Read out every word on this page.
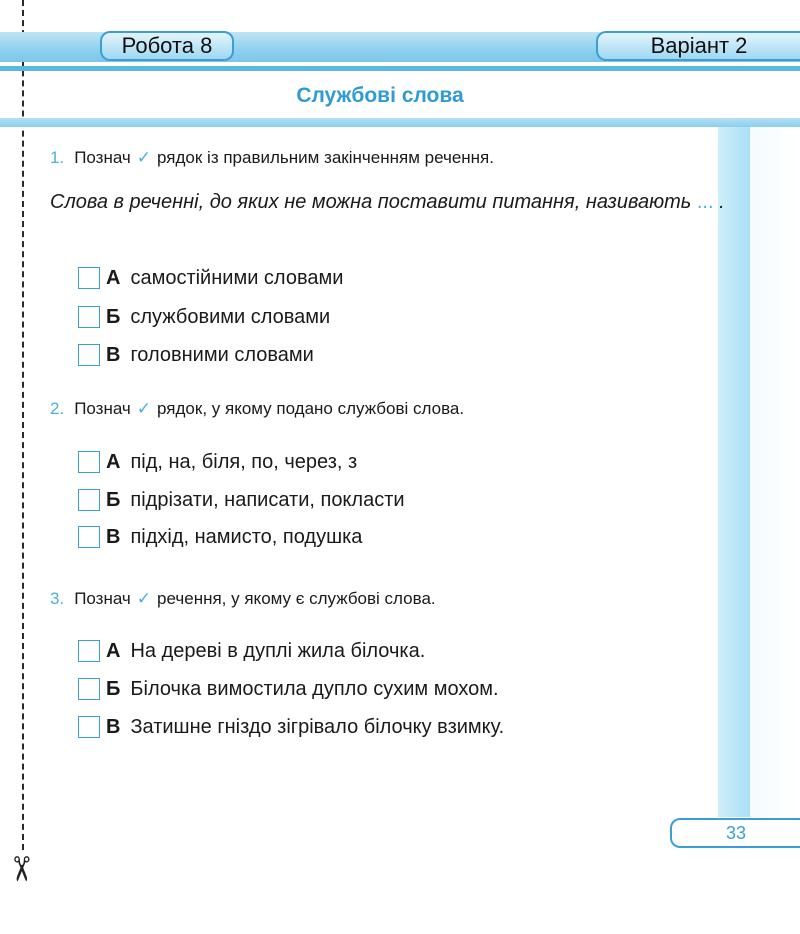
✂
Робота 8	Варіант 2
Службові слова
1. Познач ✓ рядок із правильним закінченням речення.
Слова в реченні, до яких не можна поставити питання, називають ... .
А самостійними словами
Б службовими словами
В головними словами
2. Познач ✓ рядок, у якому подано службові слова.
А під, на, біля, по, через, з
Б підрізати, написати, покласти
В підхід, намисто, подушка
3. Познач ✓ речення, у якому є службові слова.
А На дереві в дуплі жила білочка.
Б Білочка вимостила дупло сухим мохом.
В Затишне гніздо зігрівало білочку взимку.
33
